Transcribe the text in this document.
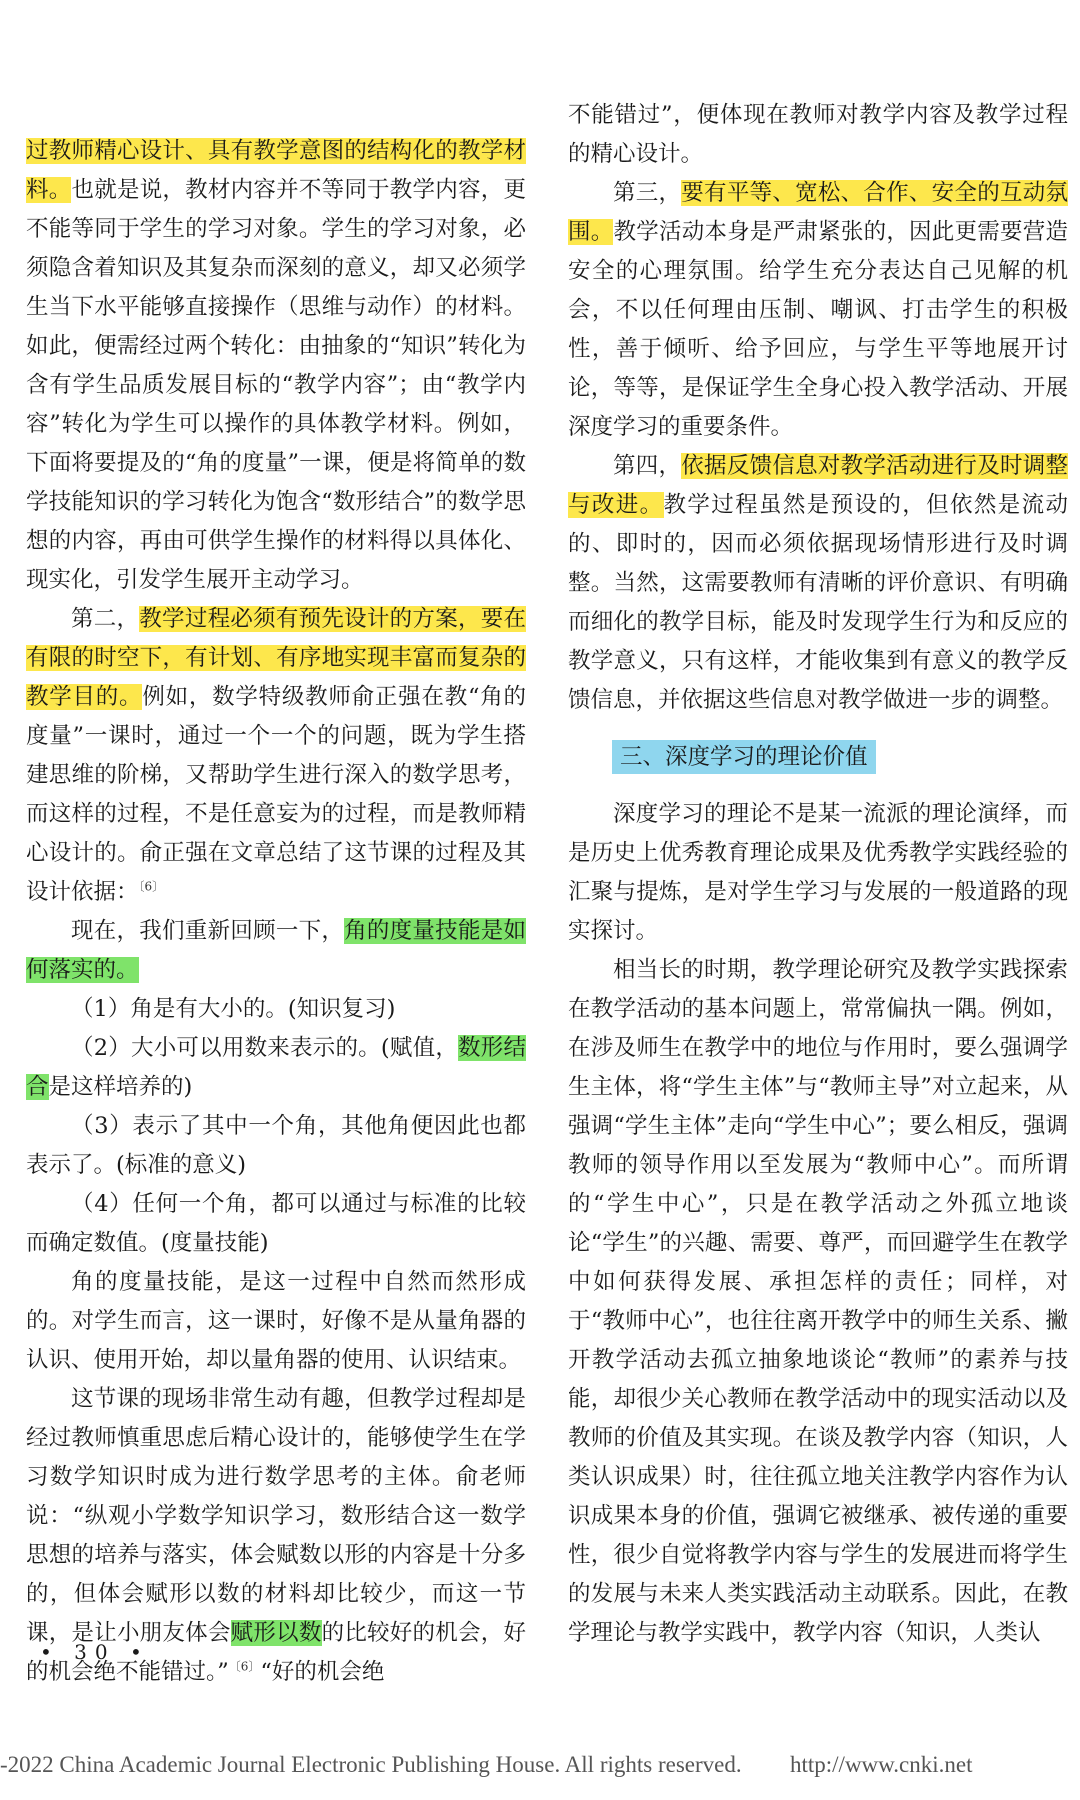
过教师精心设计、具有教学意图的结构化的教学材料。也就是说，教材内容并不等同于教学内容，更不能等同于学生的学习对象。学生的学习对象，必须隐含着知识及其复杂而深刻的意义，却又必须学生当下水平能够直接操作（思维与动作）的材料。如此，便需经过两个转化：由抽象的“知识”转化为含有学生品质发展目标的“教学内容”；由“教学内容”转化为学生可以操作的具体教学材料。例如，下面将要提及的“角的度量”一课，便是将简单的数学技能知识的学习转化为饱含“数形结合”的数学思想的内容，再由可供学生操作的材料得以具体化、现实化，引发学生展开主动学习。

第二，教学过程必须有预先设计的方案，要在有限的时空下，有计划、有序地实现丰富而复杂的教学目的。例如，数学特级教师俞正强在教“角的度量”一课时，通过一个一个的问题，既为学生搭建思维的阶梯，又帮助学生进行深入的数学思考，而这样的过程，不是任意妄为的过程，而是教师精心设计的。俞正强在文章总结了这节课的过程及其设计依据：$^{〔6〕}$

现在，我们重新回顾一下，角的度量技能是如何落实的。

（1）角是有大小的。(知识复习)

（2）大小可以用数来表示的。(赋值，数形结合是这样培养的)

（3）表示了其中一个角，其他角便因此也都表示了。(标准的意义)

（4）任何一个角，都可以通过与标准的比较而确定数值。(度量技能)

角的度量技能，是这一过程中自然而然形成的。对学生而言，这一课时，好像不是从量角器的认识、使用开始，却以量角器的使用、认识结束。

这节课的现场非常生动有趣，但教学过程却是经过教师慎重思虑后精心设计的，能够使学生在学习数学知识时成为进行数学思考的主体。俞老师说：“纵观小学数学知识学习，数形结合这一数学思想的培养与落实，体会赋数以形的内容是十分多的，但体会赋形以数的材料却比较少，而这一节课，是让小朋友体会赋形以数的比较好的机会，好的机会绝不能错过。”$^{〔6〕}$“好的机会绝

不能错过”，便体现在教师对教学内容及教学过程的精心设计。

第三，要有平等、宽松、合作、安全的互动氛围。教学活动本身是严肃紧张的，因此更需要营造安全的心理氛围。给学生充分表达自己见解的机会，不以任何理由压制、嘲讽、打击学生的积极性，善于倾听、给予回应，与学生平等地展开讨论，等等，是保证学生全身心投入教学活动、开展深度学习的重要条件。

第四，依据反馈信息对教学活动进行及时调整与改进。教学过程虽然是预设的，但依然是流动的、即时的，因而必须依据现场情形进行及时调整。当然，这需要教师有清晰的评价意识、有明确而细化的教学目标，能及时发现学生行为和反应的教学意义，只有这样，才能收集到有意义的教学反馈信息，并依据这些信息对教学做进一步的调整。

三、深度学习的理论价值

深度学习的理论不是某一流派的理论演绎，而是历史上优秀教育理论成果及优秀教学实践经验的汇聚与提炼，是对学生学习与发展的一般道路的现实探讨。

相当长的时期，教学理论研究及教学实践探索在教学活动的基本问题上，常常偏执一隅。例如，在涉及师生在教学中的地位与作用时，要么强调学生主体，将“学生主体”与“教师主导”对立起来，从强调“学生主体”走向“学生中心”；要么相反，强调教师的领导作用以至发展为“教师中心”。而所谓的“学生中心”，只是在教学活动之外孤立地谈论“学生”的兴趣、需要、尊严，而回避学生在教学中如何获得发展、承担怎样的责任；同样，对于“教师中心”，也往往离开教学中的师生关系、撇开教学活动去孤立抽象地谈论“教师”的素养与技能，却很少关心教师在教学活动中的现实活动以及教师的价值及其实现。在谈及教学内容（知识，人类认识成果）时，往往孤立地关注教学内容作为认识成果本身的价值，强调它被继承、被传递的重要性，很少自觉将教学内容与学生的发展进而将学生的发展与未来人类实践活动主动联系。因此，在教学理论与教学实践中，教学内容（知识，人类认

• 30 •
-2022 China Academic Journal Electronic Publishing House. All rights reserved. http://www.cnki.net
